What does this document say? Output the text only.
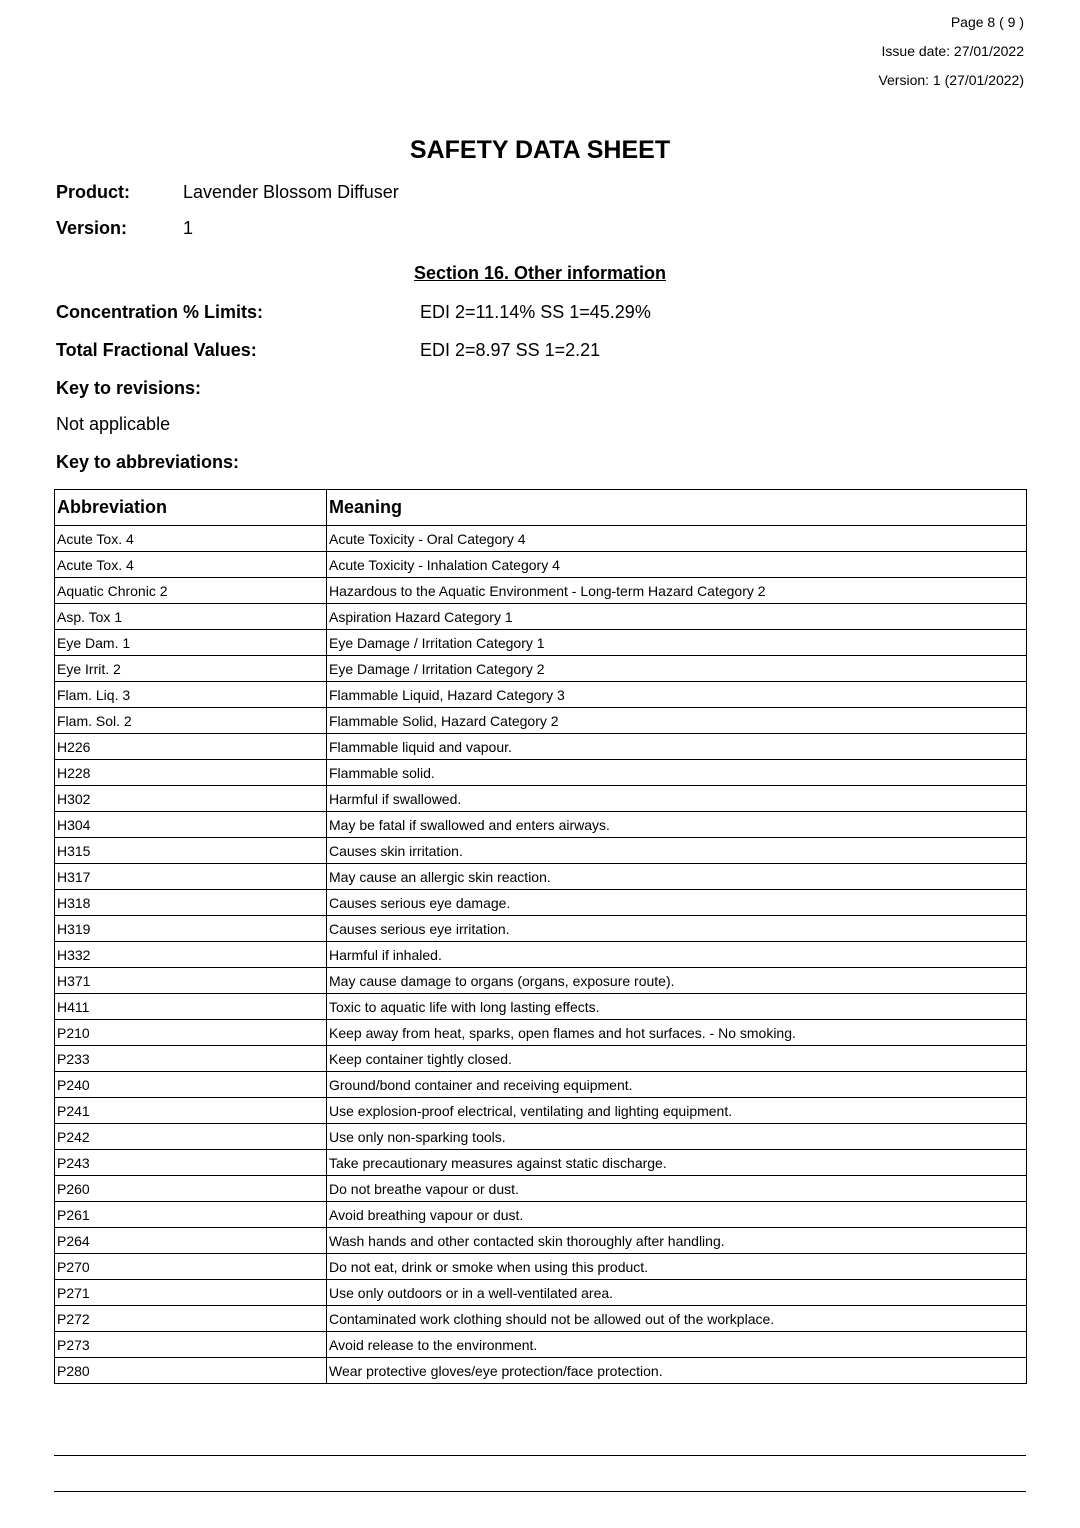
Page 8 ( 9 )
Issue date: 27/01/2022
Version: 1 (27/01/2022)
SAFETY DATA SHEET
Product:	Lavender Blossom Diffuser
Version:	1
Section 16. Other information
Concentration % Limits:	EDI 2=11.14% SS 1=45.29%
Total Fractional Values:	EDI 2=8.97 SS 1=2.21
Key to revisions:
Not applicable
Key to abbreviations:
Abbreviation	Meaning
Acute Tox. 4	Acute Toxicity - Oral Category 4
Acute Tox. 4	Acute Toxicity - Inhalation Category 4
Aquatic Chronic 2	Hazardous to the Aquatic Environment - Long-term Hazard Category 2
Asp. Tox 1	Aspiration Hazard Category 1
Eye Dam. 1	Eye Damage / Irritation Category 1
Eye Irrit. 2	Eye Damage / Irritation Category 2
Flam. Liq. 3	Flammable Liquid, Hazard Category 3
Flam. Sol. 2	Flammable Solid, Hazard Category 2
H226	Flammable liquid and vapour.
H228	Flammable solid.
H302	Harmful if swallowed.
H304	May be fatal if swallowed and enters airways.
H315	Causes skin irritation.
H317	May cause an allergic skin reaction.
H318	Causes serious eye damage.
H319	Causes serious eye irritation.
H332	Harmful if inhaled.
H371	May cause damage to organs (organs, exposure route).
H411	Toxic to aquatic life with long lasting effects.
P210	Keep away from heat, sparks, open flames and hot surfaces. - No smoking.
P233	Keep container tightly closed.
P240	Ground/bond container and receiving equipment.
P241	Use explosion-proof electrical, ventilating and lighting equipment.
P242	Use only non-sparking tools.
P243	Take precautionary measures against static discharge.
P260	Do not breathe vapour or dust.
P261	Avoid breathing vapour or dust.
P264	Wash hands and other contacted skin thoroughly after handling.
P270	Do not eat, drink or smoke when using this product.
P271	Use only outdoors or in a well-ventilated area.
P272	Contaminated work clothing should not be allowed out of the workplace.
P273	Avoid release to the environment.
P280	Wear protective gloves/eye protection/face protection.
